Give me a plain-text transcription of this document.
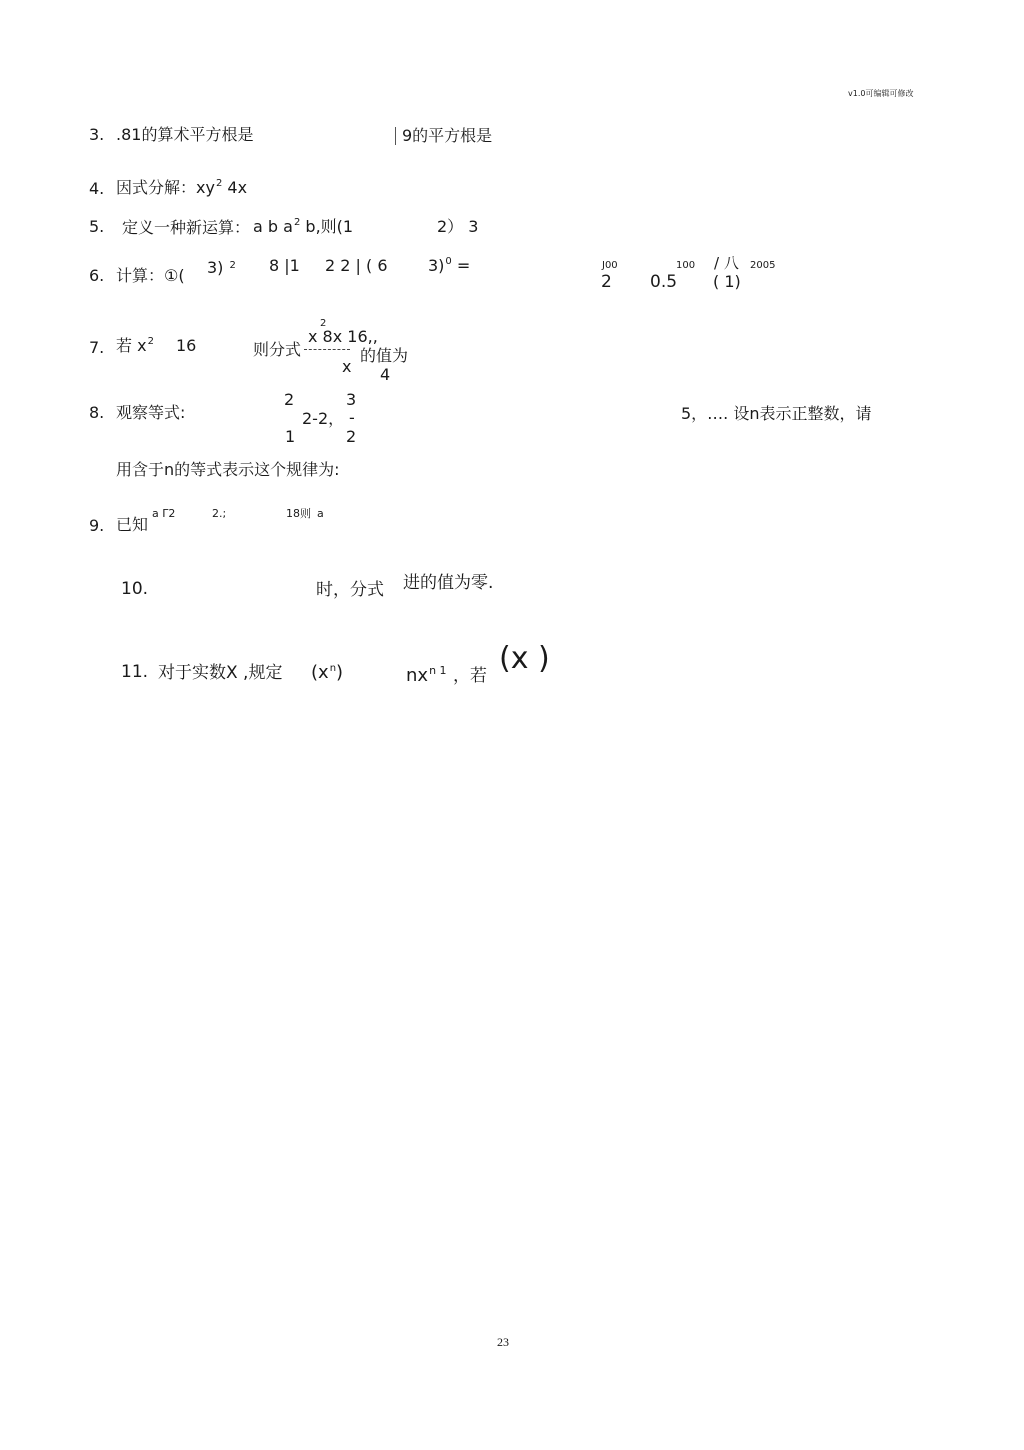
v1.0可编辑可修改
3. .81的算术平方根是	9的平方根是
4. 因式分解：$xy^2$ 4x
5. 定义一种新运算： a b $a^2$ b,则(1	2） 3
6. 计算：①( 3) $^2$ 8 |1 2 2 | ( 6	3)$^0$ =	J00
2
100
0.5
/ 八 2005
( 1)
7. 若 $x^2$ 16	则分式
2
x 8x 16,,
x
的值为
4
8. 观察等式:
2
1
2-2，
3
-
2
5，…. 设n表示正整数，请
用含于n的等式表示这个规律为:
9. 已知
a Γ2	2.;	18则 a
10.	时，分式 进的值为零.
11. 对于实数X ,规定 $(x^n)$	$nx^{n 1}$ ，若 (x )
23
